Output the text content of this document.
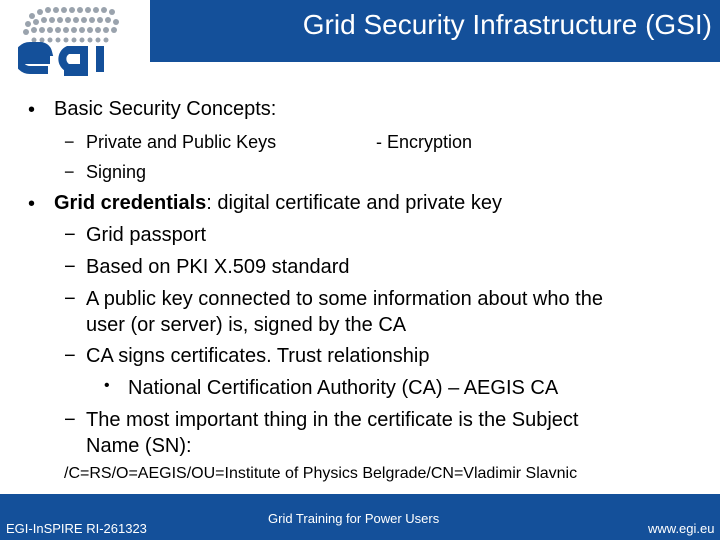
Grid Security Infrastructure (GSI)
• Basic Security Concepts:
− Private and Public Keys	- Encryption
− Signing
• Grid credentials: digital certificate and private key
− Grid passport
− Based on PKI X.509 standard
− A public key connected to some information about who the
user (or server) is, signed by the CA
− CA signs certificates. Trust relationship
• National Certification Authority (CA) – AEGIS CA
− The most important thing in the certificate is the Subject
Name (SN):
/C=RS/O=AEGIS/OU=Institute of Physics Belgrade/CN=Vladimir Slavnic
EGI-InSPIRE RI-261323
Grid Training for Power Users
www.egi.eu
